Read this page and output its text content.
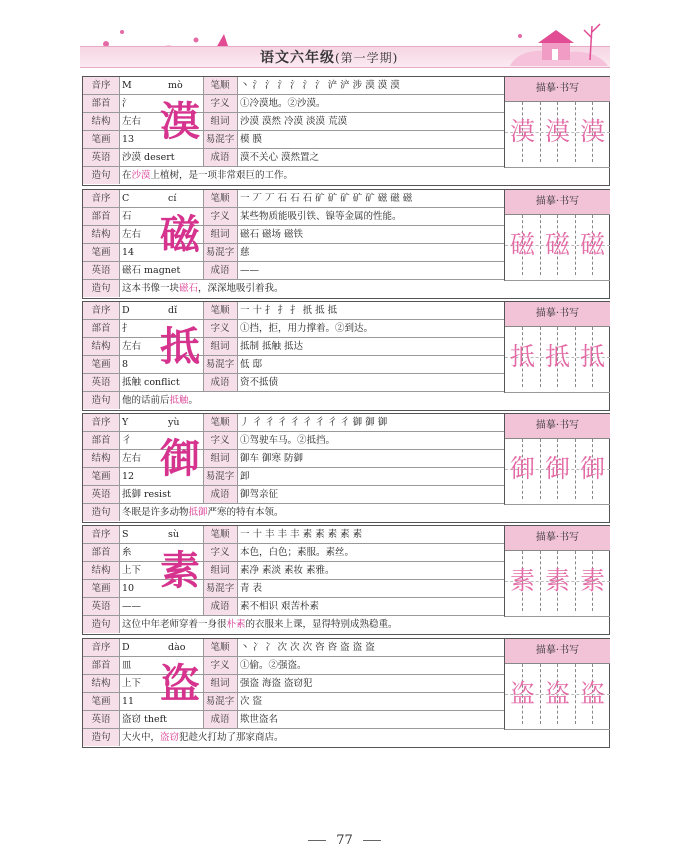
语文六年级(第一学期)
音序	M	mò	笔顺	丶 氵 氵 氵 氵 氵 氵 浐 浐 涉 漠 漠 漠
部首	氵	字义	①冷漠地。②沙漠。
结构	左右	组词	沙漠 漠然 冷漠 淡漠 荒漠
笔画	13	易混字 模 膜
英语	沙漠 desert	成语	漠不关心 漠然置之
造句	在沙漠上植树，是一项非常艰巨的工作。
漠
描摹·书写
漠 漠 漠
音序	C	cí	笔顺	一 丆 丆 石 石 石 矿 矿 矿 矿 矿 磁 磁 磁
部首	石	字义	某些物质能吸引铁、镍等金属的性能。
结构	左右	组词	磁石 磁场 磁铁
笔画	14	易混字 慈
英语	磁石 magnet	成语	——
造句	这本书像一块磁石，深深地吸引着我。
磁
描摹·书写
磁 磁 磁
音序	D	dǐ	笔顺	一 十 扌 扌 扌 扺 抵 抵
部首	扌	字义	①挡，拒，用力撑着。②到达。
结构	左右	组词	抵制 抵触 抵达
笔画	8	易混字 低 邸
英语	抵触 conflict	成语	资不抵债
造句	他的话前后抵触。
抵
描摹·书写
抵 抵 抵
音序	Y	yù	笔顺	丿 彳 彳 彳 彳 彳 彳 彳 彳 御 御 御
部首	彳	字义	①驾驶车马。②抵挡。
结构	左右	组词	御车 御寒 防御
笔画	12	易混字 卸
英语	抵御 resist	成语	御驾亲征
造句	冬眠是许多动物抵御严寒的特有本领。
御
描摹·书写
御 御 御
音序	S	sù	笔顺	一 十 丰 丰 丰 素 素 素 素 素
部首	糸	字义	本色，白色；素服。素丝。
结构	上下	组词	素净 素淡 素妆 素雅。
笔画	10	易混字 青 表
英语	——	成语	素不相识 艰苦朴素
造句	这位中年老师穿着一身很朴素的衣服来上课，显得特别成熟稳重。
素
描摹·书写
素 素 素
音序	D	dào	笔顺	丶 冫 冫 次 次 次 咨 咨 盗 盗 盗
部首	皿	字义	①偷。②强盗。
结构	上下	组词	强盗 海盗 盗窃犯
笔画	11	易混字 次 盜
英语	盗窃 theft	成语	欺世盗名
造句	大火中，盗窃犯趁火打劫了那家商店。
盗
描摹·书写
盗 盗 盗
77
